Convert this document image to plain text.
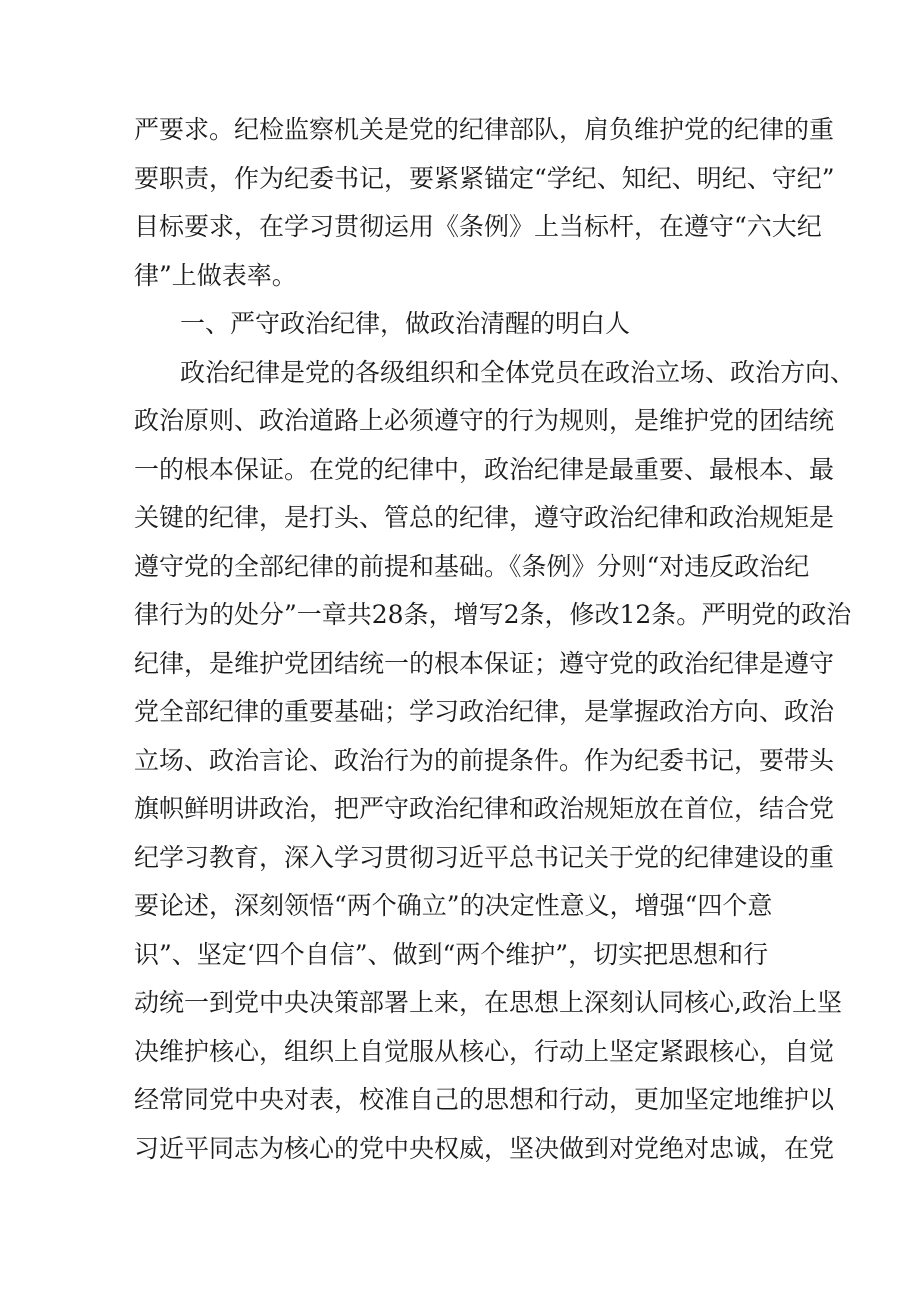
严要求。纪检监察机关是党的纪律部队，肩负维护党的纪律的重
要职责，作为纪委书记，要紧紧锚定“学纪、知纪、明纪、守纪”
目标要求，在学习贯彻运用《条例》上当标杆，在遵守“六大纪
律”上做表率。
一、严守政治纪律，做政治清醒的明白人
政治纪律是党的各级组织和全体党员在政治立场、政治方向、
政治原则、政治道路上必须遵守的行为规则，是维护党的团结统
一的根本保证。在党的纪律中，政治纪律是最重要、最根本、最
关键的纪律，是打头、管总的纪律，遵守政治纪律和政治规矩是
遵守党的全部纪律的前提和基础。《条例》分则“对违反政治纪
律行为的处分”一章共28条，增写2条，修改12条。严明党的政治
纪律，是维护党团结统一的根本保证；遵守党的政治纪律是遵守
党全部纪律的重要基础；学习政治纪律，是掌握政治方向、政治
立场、政治言论、政治行为的前提条件。作为纪委书记，要带头
旗帜鲜明讲政治，把严守政治纪律和政治规矩放在首位，结合党
纪学习教育，深入学习贯彻习近平总书记关于党的纪律建设的重
要论述，深刻领悟“两个确立”的决定性意义，增强“四个意
识”、坚定‘四个自信”、做到“两个维护”，切实把思想和行
动统一到党中央决策部署上来，在思想上深刻认同核心,政治上坚
决维护核心，组织上自觉服从核心，行动上坚定紧跟核心，自觉
经常同党中央对表，校准自己的思想和行动，更加坚定地维护以
习近平同志为核心的党中央权威，坚决做到对党绝对忠诚，在党
